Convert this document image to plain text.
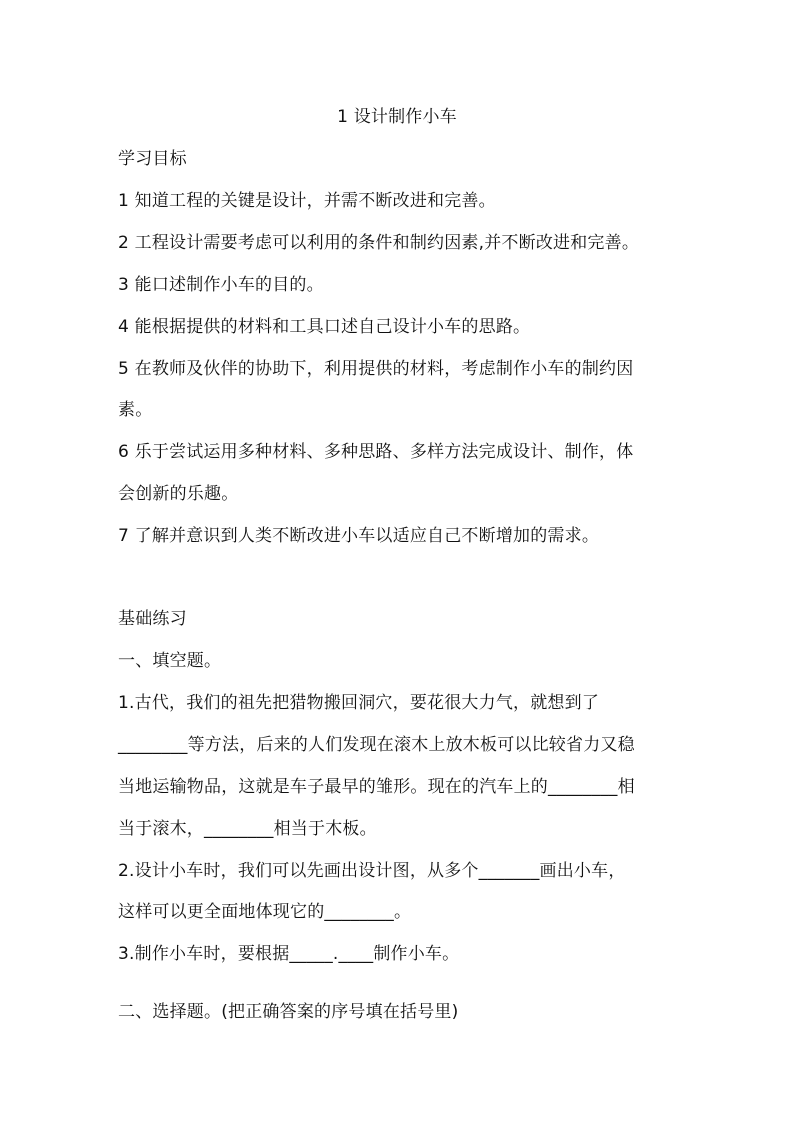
1 设计制作小车
学习目标
1 知道工程的关键是设计，并需不断改进和完善。
2 工程设计需要考虑可以利用的条件和制约因素,并不断改进和完善。
3 能口述制作小车的目的。
4 能根据提供的材料和工具口述自己设计小车的思路。
5 在教师及伙伴的协助下，利用提供的材料，考虑制作小车的制约因
素。
6 乐于尝试运用多种材料、多种思路、多样方法完成设计、制作，体
会创新的乐趣。
7 了解并意识到人类不断改进小车以适应自己不断增加的需求。
基础练习
一、填空题。
1.古代，我们的祖先把猎物搬回洞穴，要花很大力气，就想到了
________等方法，后来的人们发现在滚木上放木板可以比较省力又稳
当地运输物品，这就是车子最早的雏形。现在的汽车上的________相
当于滚木，________相当于木板。
2.设计小车时，我们可以先画出设计图，从多个_______画出小车，
这样可以更全面地体现它的________。
3.制作小车时，要根据_____.____制作小车。
二、选择题。(把正确答案的序号填在括号里)
